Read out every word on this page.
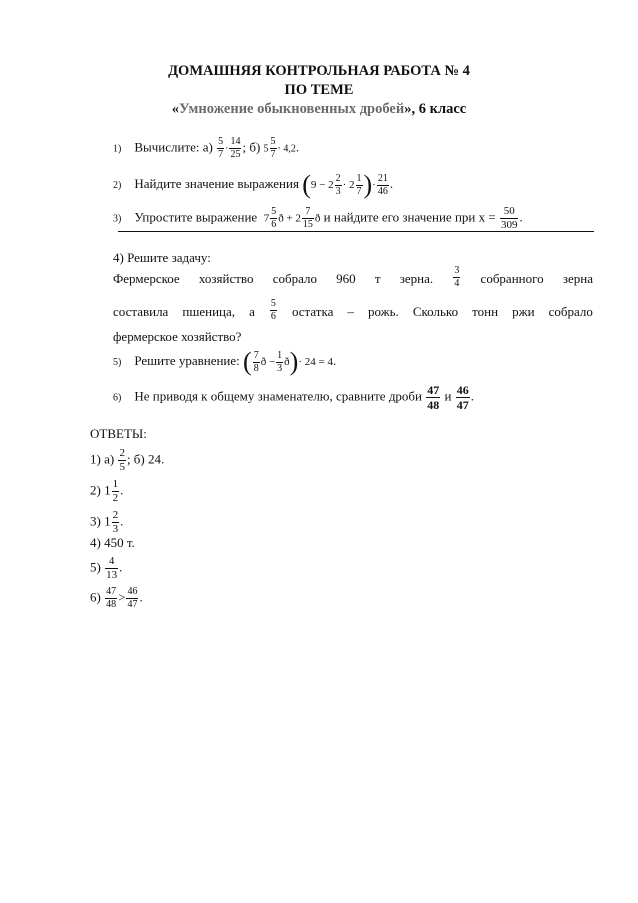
ДОМАШНЯЯ КОНТРОЛЬНАЯ РАБОТА № 4
ПО ТЕМЕ
«Умножение обыкновенных дробей», 6 класс
1) Вычислите: $а) \frac{5}{7} \cdot \frac{14}{25}$ ; б) $5 \frac{5}{7} \cdot 4,2$.
2) Найдите значение выражения ($9 - 2 \frac{2}{3} \cdot 2 \frac{1}{7}$ )· $\frac{21}{46}$ .
3) Упростите выражение $7 \frac{5}{6}$ ð + $2 \frac{7}{15}$ ð и найдите его значение при $х = \frac{50}{309}$ .
4) Решите задачу:
Фермерское хозяйство собрало 960 т зерна. $\frac{3}{4}$ собранного зерна
составила пшеница, а $\frac{5}{6}$ остатка – рожь. Сколько тонн ржи собрало
фермерское хозяйство?
5) Решите уравнение: ( $\frac{7}{8}$ ð − $\frac{1}{3}$ ð)· 24 = 4.
6) Не приводя к общему знаменателю, сравните дроби $\frac{47}{48}$ и $\frac{46}{47}$ .
ОТВЕТЫ:
1) $а) \frac{2}{5}$ ; б) 24.
2) $1 \frac{1}{2}$ .
3) $1 \frac{2}{3}$ .
4) 450 т.
$5) \frac{4}{13}$ .
$6) \frac{47}{48} > \frac{46}{47}$ .
